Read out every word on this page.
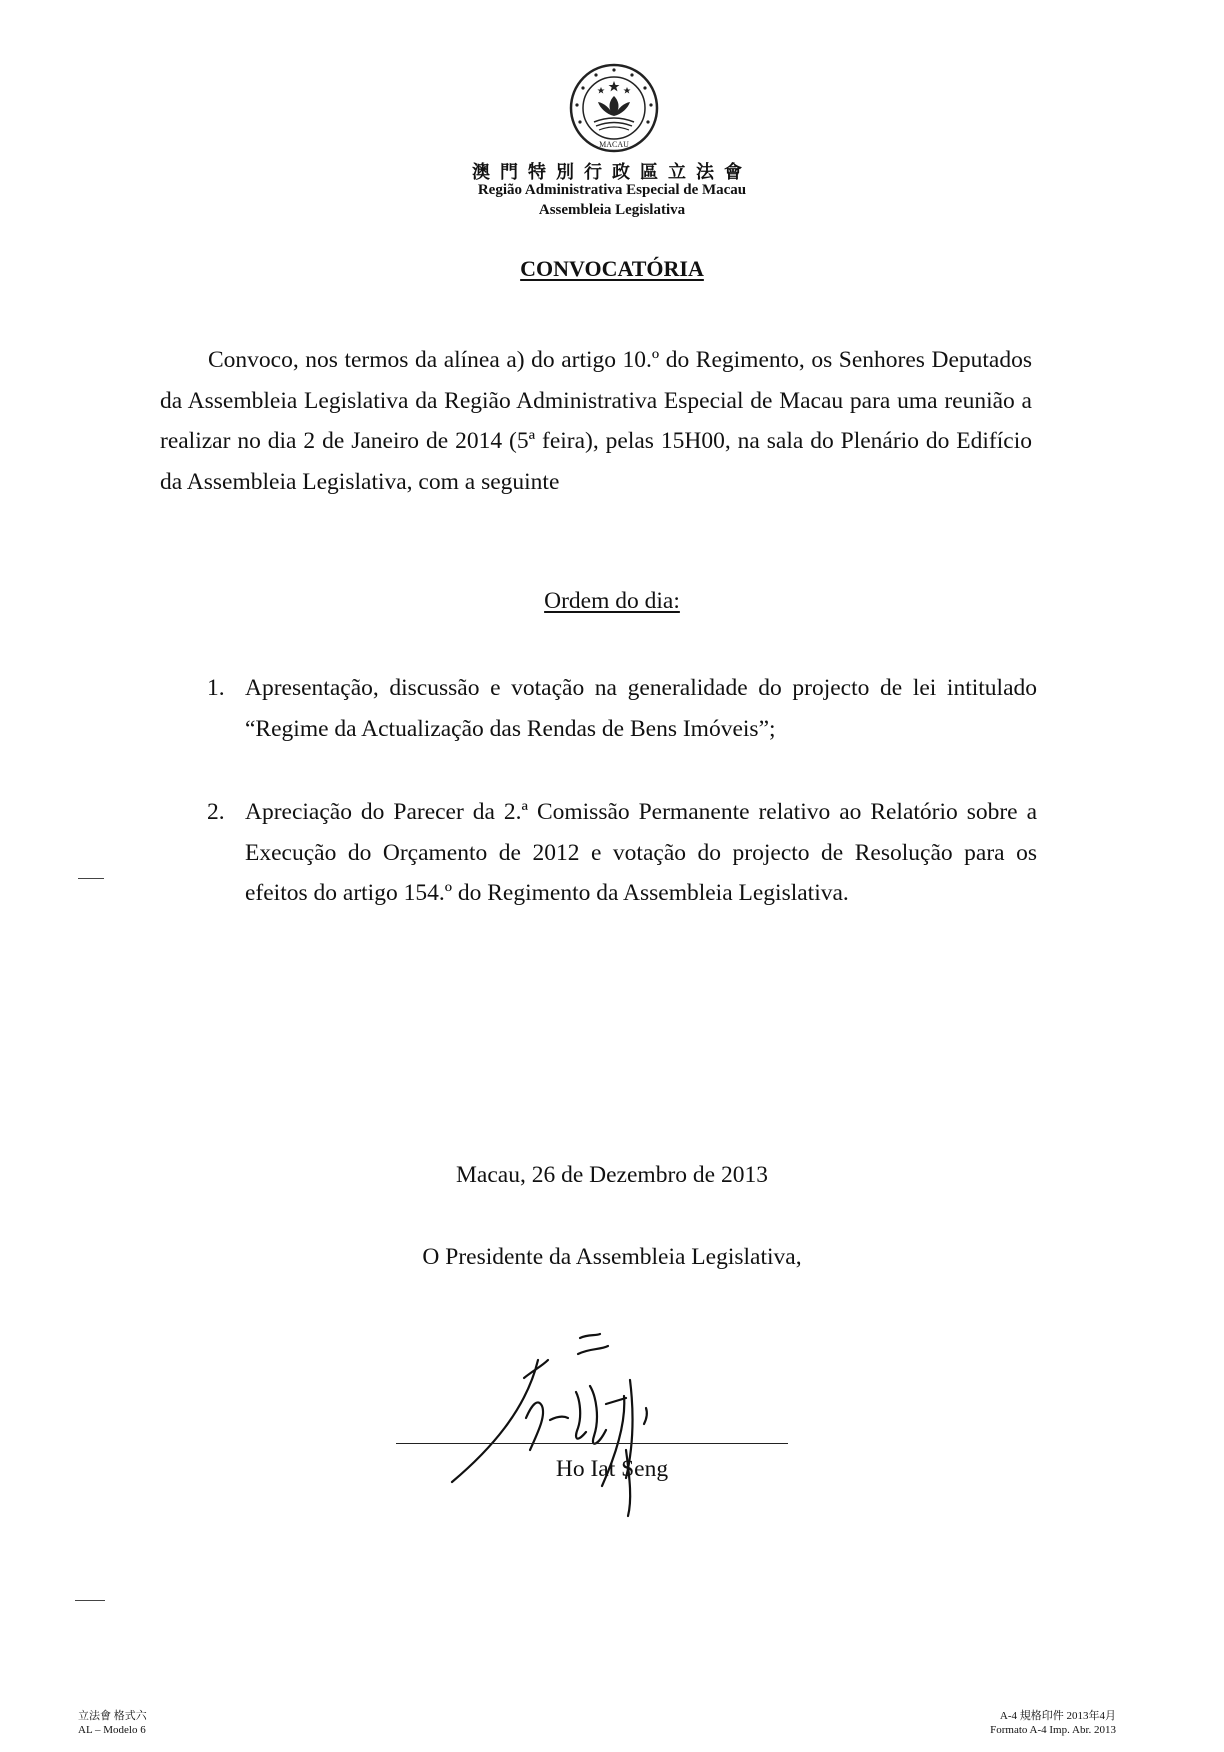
MACAU
澳門特別行政區立法會
Região Administrativa Especial de Macau
Assembleia Legislativa
CONVOCATÓRIA
Convoco, nos termos da alínea a) do artigo 10.º do Regimento, os Senhores Deputados da Assembleia Legislativa da Região Administrativa Especial de Macau para uma reunião a realizar no dia 2 de Janeiro de 2014 (5ª feira), pelas 15H00, na sala do Plenário do Edifício da Assembleia Legislativa, com a seguinte
Ordem do dia:
1. Apresentação, discussão e votação na generalidade do projecto de lei intitulado “Regime da Actualização das Rendas de Bens Imóveis”;
2. Apreciação do Parecer da 2.ª Comissão Permanente relativo ao Relatório sobre a Execução do Orçamento de 2012 e votação do projecto de Resolução para os efeitos do artigo 154.º do Regimento da Assembleia Legislativa.
Macau, 26 de Dezembro de 2013
O Presidente da Assembleia Legislativa,
Ho Iat Seng
立法會 格式六
AL – Modelo 6
A-4 規格印件 2013年4月
Formato A-4 Imp. Abr. 2013
